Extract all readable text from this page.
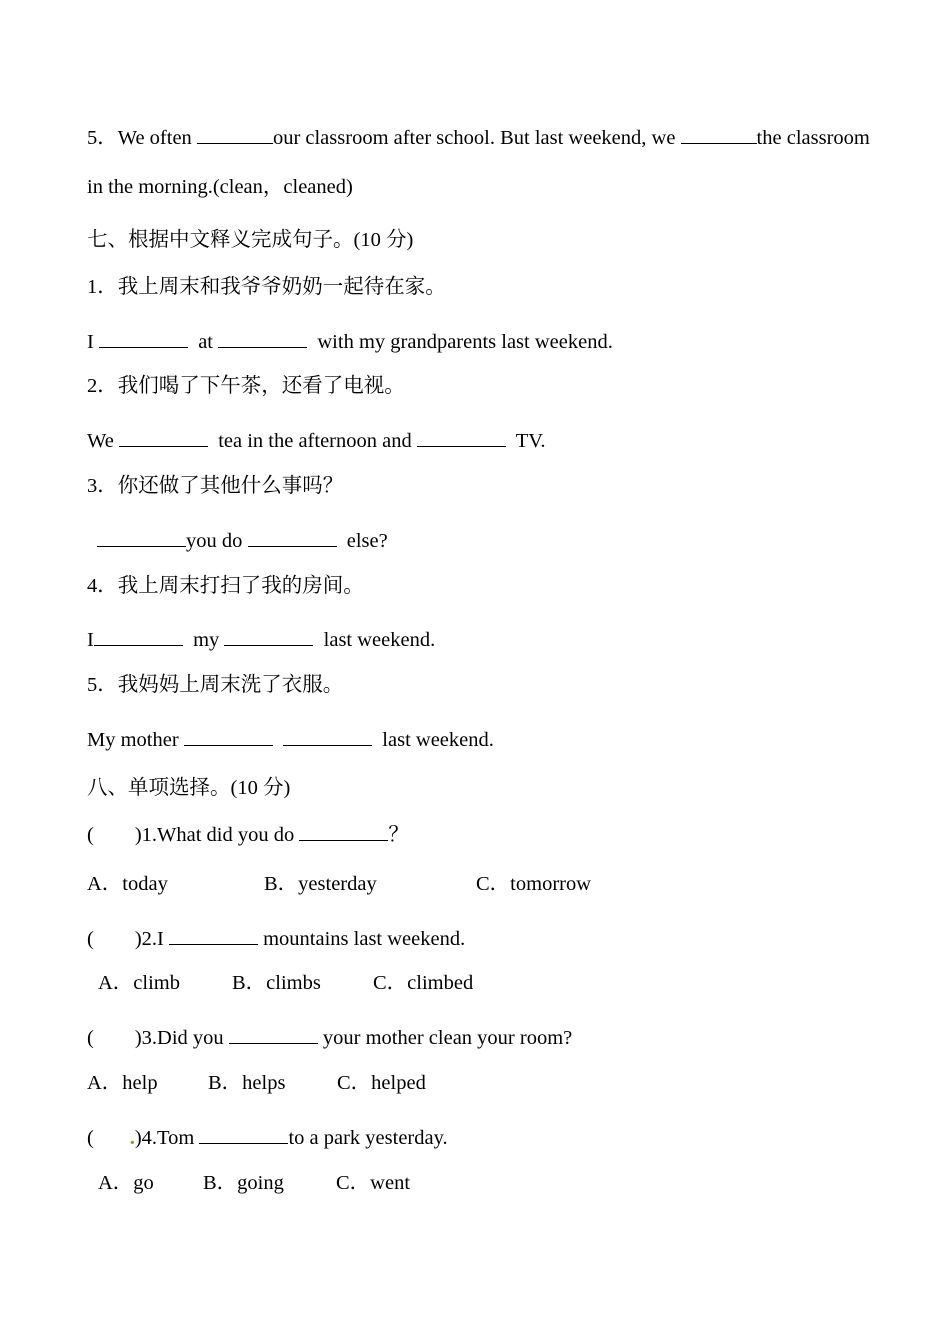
5．We often	our classroom after school. But last weekend, we	the classroom
in the morning.(clean，cleaned)
七、根据中文释义完成句子。(10 分)
1．我上周末和我爷爷奶奶一起待在家。
I	at	with my grandparents last weekend.
2．我们喝了下午茶，还看了电视。
We	tea in the afternoon and	TV.
3．你还做了其他什么事吗？
you do	else?
4．我上周末打扫了我的房间。
I	my	last weekend.
5．我妈妈上周末洗了衣服。
My mother	last weekend.
八、单项选择。(10 分)
(        )1.What did you do	？
A．today	B．yesterday	C．tomorrow
(        )2.I	mountains last weekend.
A．climb	B．climbs	C．climbed
(        )3.Did you	your mother clean your room?
A．help B．helps	C．helped
(       .)4.Tom	to a park yesterday.
A．go B．going	C．went
